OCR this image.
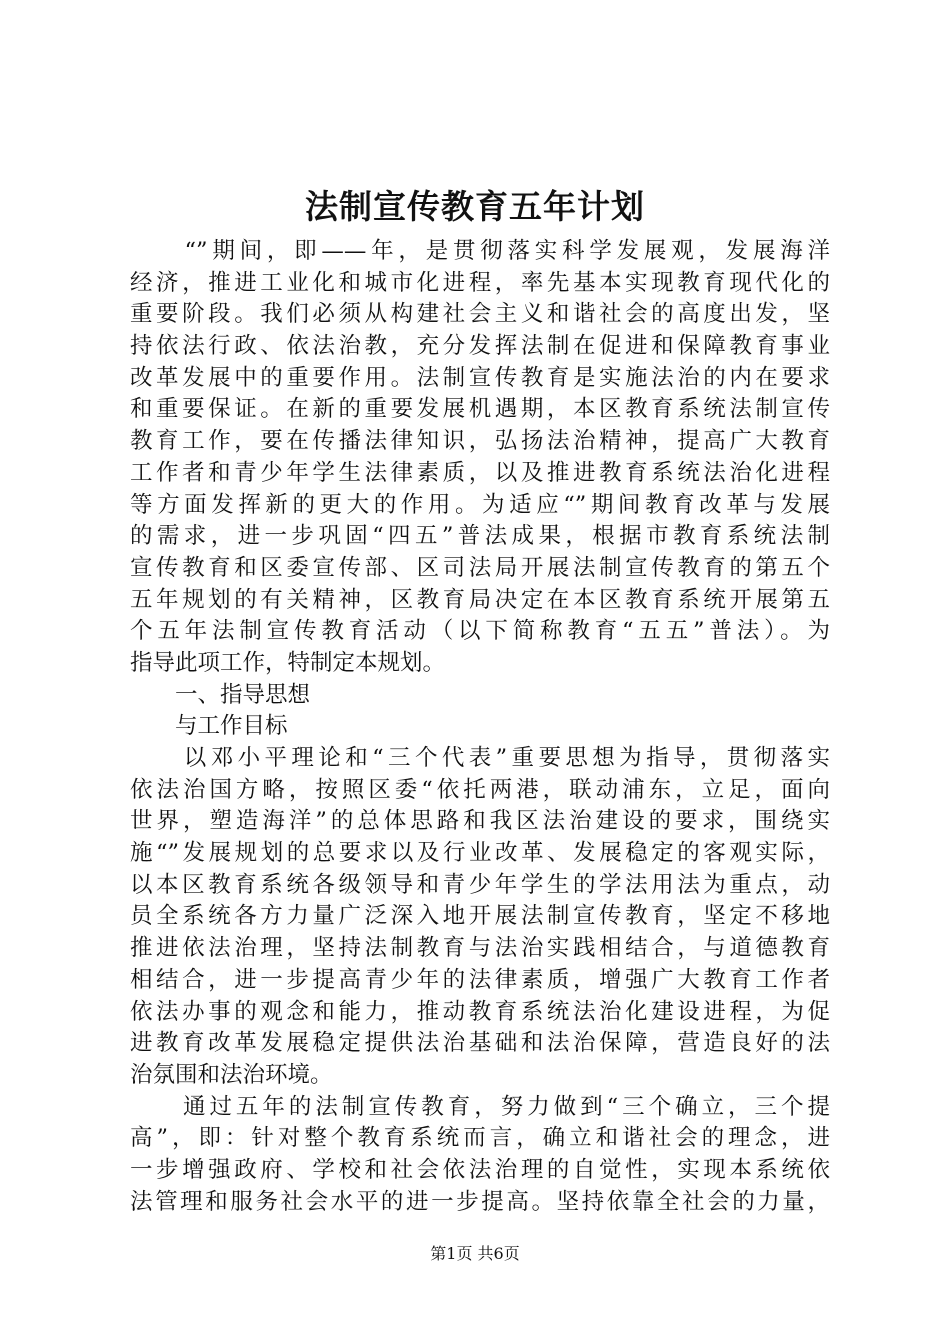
法制宣传教育五年计划
　　“”期间，即——年，是贯彻落实科学发展观，发展海洋
经济，推进工业化和城市化进程，率先基本实现教育现代化的
重要阶段。我们必须从构建社会主义和谐社会的高度出发，坚
持依法行政、依法治教，充分发挥法制在促进和保障教育事业
改革发展中的重要作用。法制宣传教育是实施法治的内在要求
和重要保证。在新的重要发展机遇期，本区教育系统法制宣传
教育工作，要在传播法律知识，弘扬法治精神，提高广大教育
工作者和青少年学生法律素质，以及推进教育系统法治化进程
等方面发挥新的更大的作用。为适应“”期间教育改革与发展
的需求，进一步巩固“四五”普法成果，根据市教育系统法制
宣传教育和区委宣传部、区司法局开展法制宣传教育的第五个
五年规划的有关精神，区教育局决定在本区教育系统开展第五
个五年法制宣传教育活动（以下简称教育“五五”普法）。为
指导此项工作，特制定本规划。
　　一、指导思想
　　与工作目标
　　以邓小平理论和“三个代表”重要思想为指导，贯彻落实
依法治国方略，按照区委“依托两港，联动浦东，立足，面向
世界，塑造海洋”的总体思路和我区法治建设的要求，围绕实
施“”发展规划的总要求以及行业改革、发展稳定的客观实际，
以本区教育系统各级领导和青少年学生的学法用法为重点，动
员全系统各方力量广泛深入地开展法制宣传教育，坚定不移地
推进依法治理，坚持法制教育与法治实践相结合，与道德教育
相结合，进一步提高青少年的法律素质，增强广大教育工作者
依法办事的观念和能力，推动教育系统法治化建设进程，为促
进教育改革发展稳定提供法治基础和法治保障，营造良好的法
治氛围和法治环境。
　　通过五年的法制宣传教育，努力做到“三个确立，三个提
高”，即：针对整个教育系统而言，确立和谐社会的理念，进
一步增强政府、学校和社会依法治理的自觉性，实现本系统依
法管理和服务社会水平的进一步提高。坚持依靠全社会的力量，
第1页 共6页
